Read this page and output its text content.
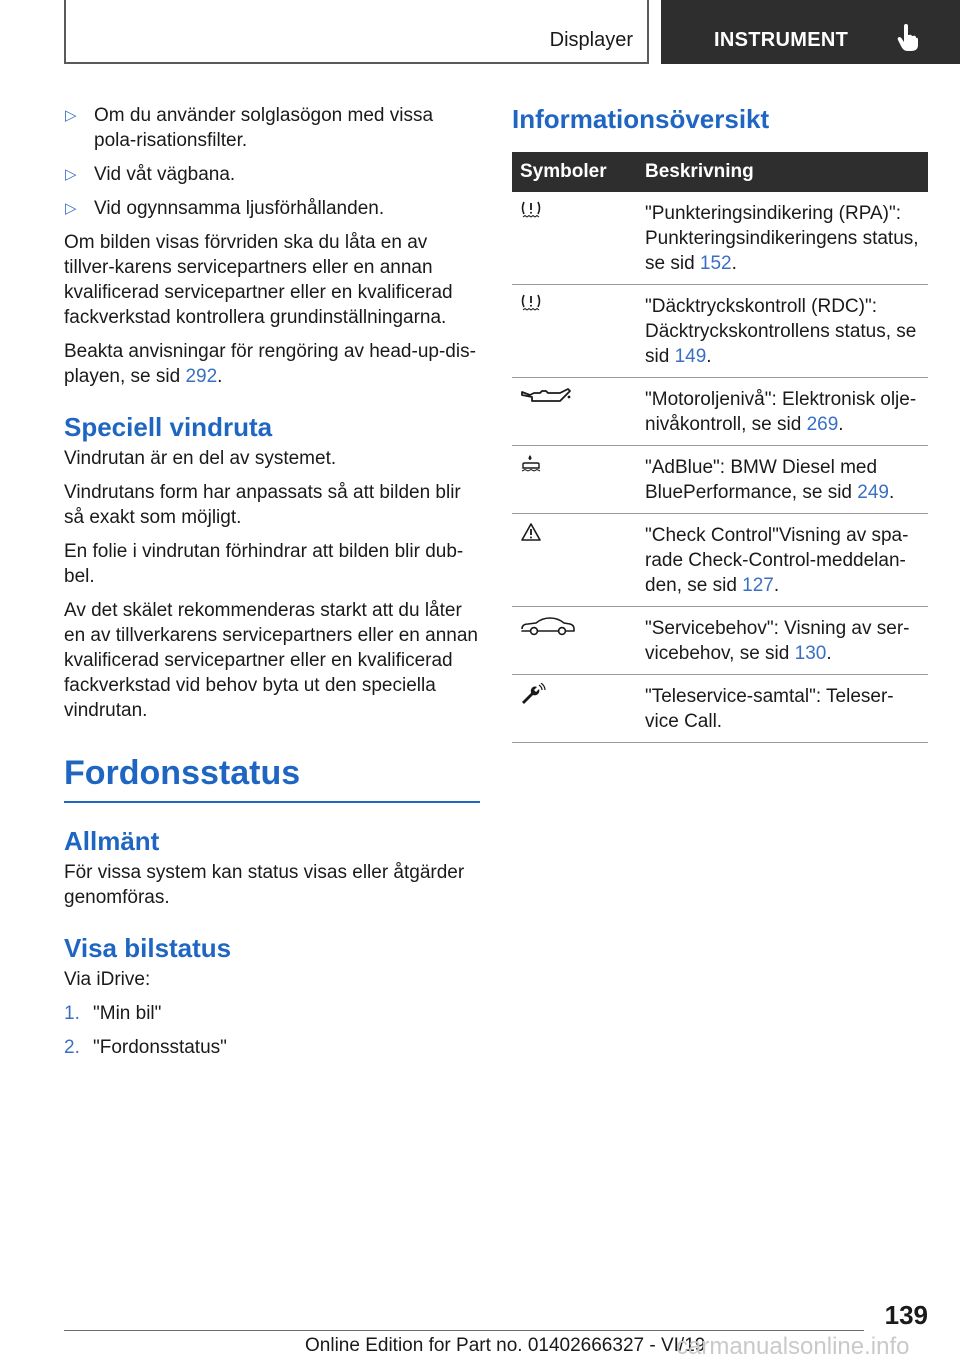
Displayer	INSTRUMENT
▷ Om du använder solglasögon med vissa pola-risationsfilter.
▷ Vid våt vägbana.
▷ Vid ogynnsamma ljusförhållanden.

Om bilden visas förvriden ska du låta en av tillver-karens servicepartners eller en annan kvalificerad servicepartner eller en kvalificerad fackverkstad kontrollera grundinställningarna.

Beakta anvisningar för rengöring av head-up-dis-playen, se sid 292.

Speciell vindruta

Vindrutan är en del av systemet.

Vindrutans form har anpassats så att bilden blir så exakt som möjligt.

En folie i vindrutan förhindrar att bilden blir dub-bel.

Av det skälet rekommenderas starkt att du låter en av tillverkarens servicepartners eller en annan kvalificerad servicepartner eller en kvalificerad fackverkstad vid behov byta ut den speciella vindrutan.

Fordonsstatus
Allmänt

För vissa system kan status visas eller åtgärder genomföras.

Visa bilstatus

Via iDrive:

1. "Min bil"
2. "Fordonsstatus"
Informationsöversikt
Symboler	Beskrivning

	"Punkteringsindikering (RPA)": Punkteringsindikeringens status, se sid 152.

	"Däcktryckskontroll (RDC)": Däcktryckskontrollens status, se sid 149.

	"Motoroljenivå": Elektronisk olje-nivåkontroll, se sid 269.

	"AdBlue": BMW Diesel med BluePerformance, se sid 249.

	"Check Control"Visning av spa-rade Check-Control-meddelan-den, se sid 127.

	"Servicebehov": Visning av ser-vicebehov, se sid 130.

	"Teleservice-samtal": Teleser-vice Call.
139
Online Edition for Part no. 01402666327 - VI/19
carmanualsonline.info
